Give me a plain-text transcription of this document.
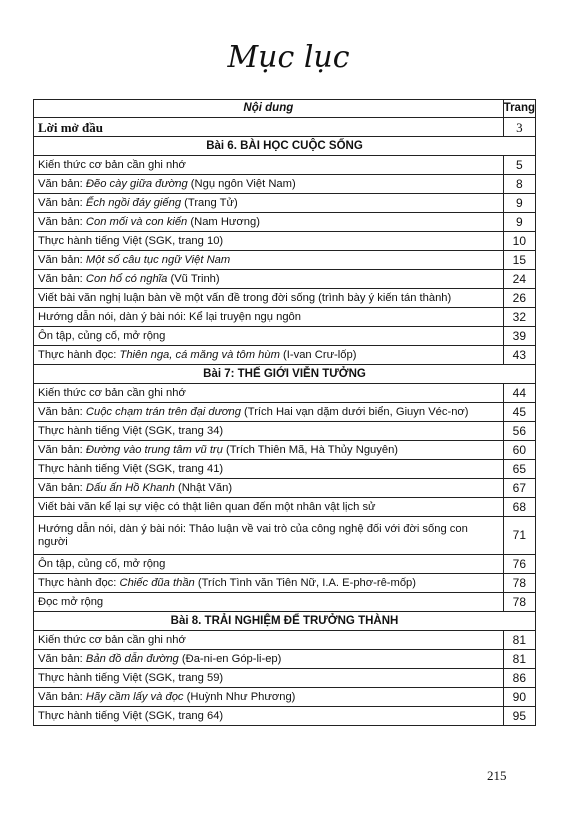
Mục lục
Nội dung	Trang
Lời mở đầu	3
Bài 6. BÀI HỌC CUỘC SỐNG	
Kiến thức cơ bản cần ghi nhớ	5
Văn bản: Đẽo cày giữa đường (Ngụ ngôn Việt Nam)	8
Văn bản: Ếch ngồi đáy giếng (Trang Tử)	9
Văn bản: Con mối và con kiến (Nam Hương)	9
Thực hành tiếng Việt (SGK, trang 10)	10
Văn bản: Một số câu tục ngữ Việt Nam	15
Văn bản: Con hổ có nghĩa (Vũ Trinh)	24
Viết bài văn nghị luận bàn về một vấn đề trong đời sống (trình bày ý kiến tán thành)	26
Hướng dẫn nói, dàn ý bài nói: Kể lại truyện ngụ ngôn	32
Ôn tập, củng cố, mở rộng	39
Thực hành đọc: Thiên nga, cá măng và tôm hùm (I-van Crư-lốp)	43
Bài 7: THẾ GIỚI VIỄN TƯỞNG	
Kiến thức cơ bản cần ghi nhớ	44
Văn bản: Cuộc chạm trán trên đại dương (Trích Hai vạn dặm dưới biển, Giuyn Véc-nơ)	45
Thực hành tiếng Việt (SGK, trang 34)	56
Văn bản: Đường vào trung tâm vũ trụ (Trích Thiên Mã, Hà Thủy Nguyên)	60
Thực hành tiếng Việt (SGK, trang 41)	65
Văn bản: Dấu ấn Hồ Khanh (Nhật Văn)	67
Viết bài văn kể lại sự việc có thật liên quan đến một nhân vật lịch sử	68
Hướng dẫn nói, dàn ý bài nói: Thảo luận về vai trò của công nghệ đối với đời sống con người	71
Ôn tập, củng cố, mở rộng	76
Thực hành đọc: Chiếc đũa thần (Trích Tình văn Tiên Nữ, I.A. E-phơ-rê-mốp)	78
Đọc mở rộng	78
Bài 8. TRẢI NGHIỆM ĐỂ TRƯỞNG THÀNH	
Kiến thức cơ bản cần ghi nhớ	81
Văn bản: Bản đồ dẫn đường (Đa-ni-en Góp-li-ep)	81
Thực hành tiếng Việt (SGK, trang 59)	86
Văn bản: Hãy cầm lấy và đọc (Huỳnh Như Phương)	90
Thực hành tiếng Việt (SGK, trang 64)	95
215
